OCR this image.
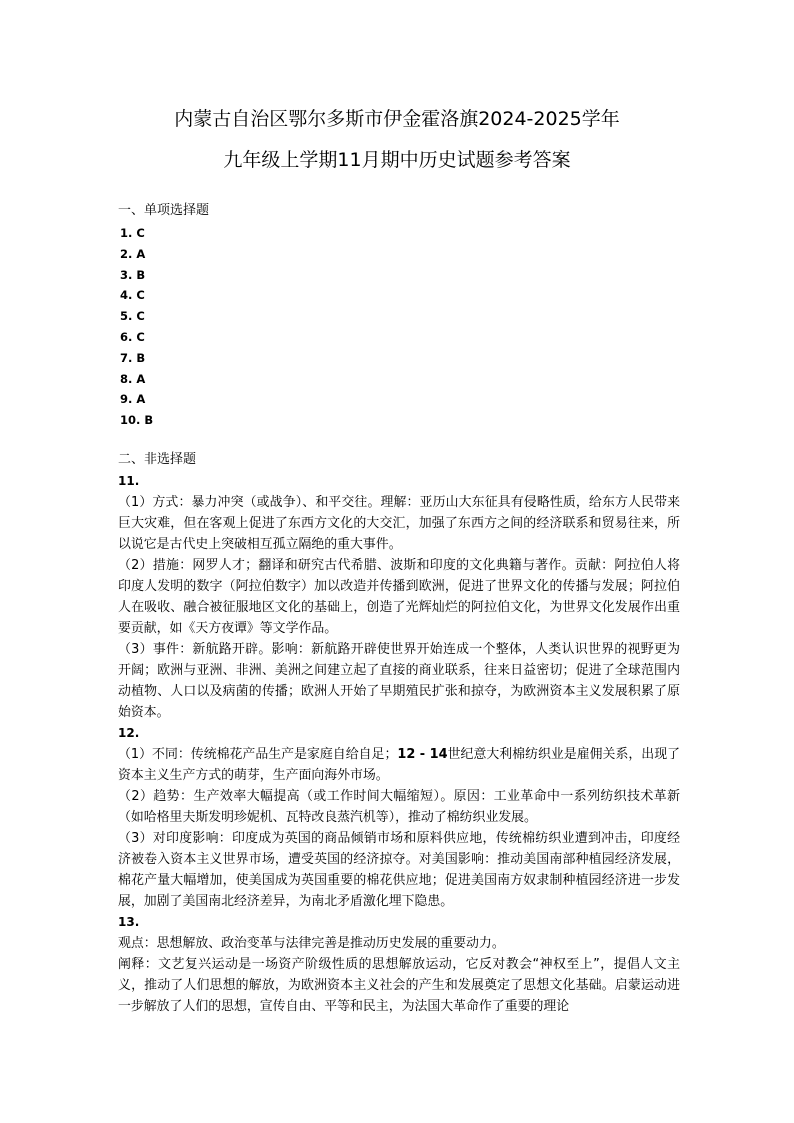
内蒙古自治区鄂尔多斯市伊金霍洛旗2024-2025学年
九年级上学期11月期中历史试题参考答案
一、单项选择题
1. C
2. A
3. B
4. C
5. C
6. C
7. B
8. A
9. A
10. B
二、非选择题
11.

（1）方式：暴力冲突（或战争）、和平交往。理解：亚历山大东征具有侵略性质，给东方人民带来巨大灾难，但在客观上促进了东西方文化的大交汇，加强了东西方之间的经济联系和贸易往来，所以说它是古代史上突破相互孤立隔绝的重大事件。

（2）措施：网罗人才；翻译和研究古代希腊、波斯和印度的文化典籍与著作。贡献：阿拉伯人将印度人发明的数字（阿拉伯数字）加以改造并传播到欧洲，促进了世界文化的传播与发展；阿拉伯人在吸收、融合被征服地区文化的基础上，创造了光辉灿烂的阿拉伯文化，为世界文化发展作出重要贡献，如《天方夜谭》等文学作品。

（3）事件：新航路开辟。影响：新航路开辟使世界开始连成一个整体，人类认识世界的视野更为开阔；欧洲与亚洲、非洲、美洲之间建立起了直接的商业联系，往来日益密切；促进了全球范围内动植物、人口以及病菌的传播；欧洲人开始了早期殖民扩张和掠夺，为欧洲资本主义发展积累了原始资本。

12.

（1）不同：传统棉花产品生产是家庭自给自足；12 - 14世纪意大利棉纺织业是雇佣关系，出现了资本主义生产方式的萌芽，生产面向海外市场。

（2）趋势：生产效率大幅提高（或工作时间大幅缩短）。原因：工业革命中一系列纺织技术革新（如哈格里夫斯发明珍妮机、瓦特改良蒸汽机等），推动了棉纺织业发展。

（3）对印度影响：印度成为英国的商品倾销市场和原料供应地，传统棉纺织业遭到冲击，印度经济被卷入资本主义世界市场，遭受英国的经济掠夺。对美国影响：推动美国南部种植园经济发展，棉花产量大幅增加，使美国成为英国重要的棉花供应地；促进美国南方奴隶制种植园经济进一步发展，加剧了美国南北经济差异，为南北矛盾激化埋下隐患。

13.

观点：思想解放、政治变革与法律完善是推动历史发展的重要动力。

阐释：文艺复兴运动是一场资产阶级性质的思想解放运动，它反对教会“神权至上”，提倡人文主义，推动了人们思想的解放，为欧洲资本主义社会的产生和发展奠定了思想文化基础。启蒙运动进一步解放了人们的思想，宣传自由、平等和民主，为法国大革命作了重要的理论
